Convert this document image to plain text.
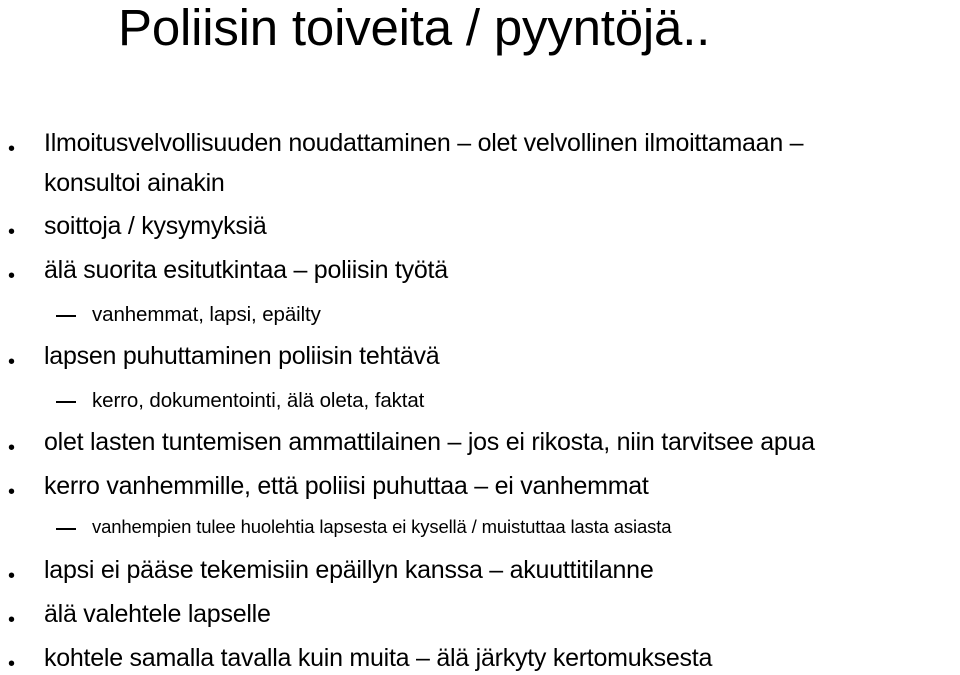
Poliisin toiveita / pyyntöjä..
• Ilmoitusvelvollisuuden noudattaminen – olet velvollinen ilmoittamaan –
konsultoi ainakin
• soittoja / kysymyksiä
• älä suorita esitutkintaa – poliisin työtä
vanhemmat, lapsi, epäilty
• lapsen puhuttaminen poliisin tehtävä
kerro, dokumentointi, älä oleta, faktat
• olet lasten tuntemisen ammattilainen – jos ei rikosta, niin tarvitsee apua
• kerro vanhemmille, että poliisi puhuttaa – ei vanhemmat
vanhempien tulee huolehtia lapsesta ei kysellä / muistuttaa lasta asiasta
• lapsi ei pääse tekemisiin epäillyn kanssa – akuuttitilanne
• älä valehtele lapselle
• kohtele samalla tavalla kuin muita – älä järkyty kertomuksesta
